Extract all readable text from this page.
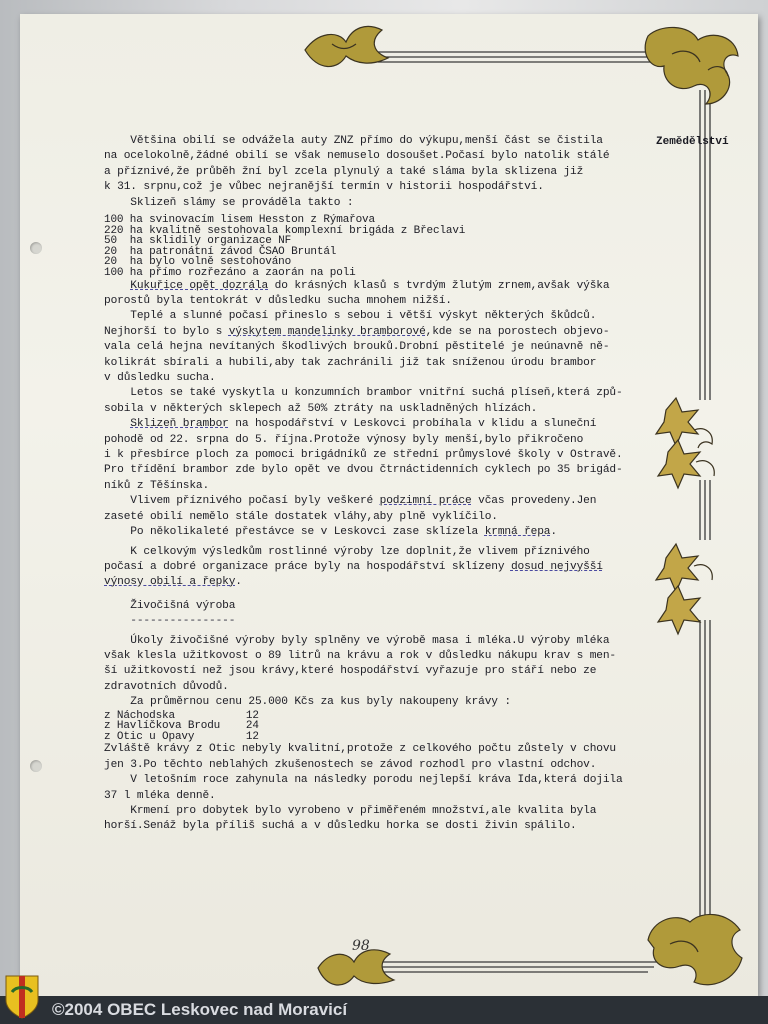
Zemědělství

Většina obilí se odvážela auty ZNZ přímo do výkupu,menší část se čistila

na ocelokolně,žádné obilí se však nemuselo dosoušet.Počasí bylo natolik stálé

a příznivé,že průběh žní byl zcela plynulý a také sláma byla sklizena již

k 31. srpnu,což je vůbec nejranější termín v historii hospodářství.

Sklizeň slámy se prováděla takto :

100 ha svinovacím lisem Hesston z Rýmařova

220 ha kvalitně sestohovala komplexní brigáda z Břeclavi

50  ha sklidily organizace NF

20  ha patronátní závod ČSAO Bruntál

20  ha bylo volně sestohováno

100 ha přímo rozřezáno a zaorán na poli

Kukuřice opět dozrála do krásných klasů s tvrdým žlutým zrnem,avšak výška

porostů byla tentokrát v důsledku sucha mnohem nižší.

Teplé a slunné počasí přineslo s sebou i větší výskyt některých škůdců.

Nejhorší to bylo s výskytem mandelinky bramborové,kde se na porostech objevo-

vala celá hejna nevítaných škodlivých brouků.Drobní pěstitelé je neúnavně ně-

kolikrát sbírali a hubili,aby tak zachránili již tak sníženou úrodu brambor

v důsledku sucha.

Letos se také vyskytla u konzumních brambor vnitřní suchá plíseň,která způ-

sobila v některých sklepech až 50% ztráty na uskladněných hlízách.

Sklizeň brambor na hospodářství v Leskovci probíhala v klidu a sluneční

pohodě od 22. srpna do 5. října.Protože výnosy byly menší,bylo přikročeno

i k přesbírce ploch za pomoci brigádníků ze střední průmyslové školy v Ostravě.

Pro třídění brambor zde bylo opět ve dvou čtrnáctidenních cyklech po 35 brigád-

níků z Těšínska.

Vlivem příznivého počasí byly veškeré podzimní práce včas provedeny.Jen

zaseté obilí nemělo stále dostatek vláhy,aby plně vyklíčilo.

Po několikaleté přestávce se v Leskovci zase sklízela krmná řepa.

K celkovým výsledkům rostlinné výroby lze doplnit,že vlivem příznivého

počasí a dobré organizace práce byly na hospodářství sklízeny dosud nejvyšší

výnosy obilí a řepky.

Živočišná výroba

----------------

Úkoly živočišné výroby byly splněny ve výrobě masa i mléka.U výroby mléka

však klesla užitkovost o 89 litrů na krávu a rok v důsledku nákupu krav s men-

ší užitkovostí než jsou krávy,které hospodářství vyřazuje pro stáří nebo ze

zdravotních důvodů.

Za průměrnou cenu 25.000 Kčs za kus byly nakoupeny krávy :

z Náchodska           12

z Havlíčkova Brodu    24

z Otic u Opavy        12

Zvláště krávy z Otic nebyly kvalitní,protože z celkového počtu zůstely v chovu

jen 3.Po těchto neblahých zkušenostech se závod rozhodl pro vlastní odchov.

V letošním roce zahynula na následky porodu nejlepší kráva Ida,která dojila

37 l mléka denně.

Krmení pro dobytek bylo vyrobeno v přiměřeném množství,ale kvalita byla

horší.Senáž byla příliš suchá a v důsledku horka se dosti živin spálilo.

98
©2004 OBEC Leskovec nad Moravicí
